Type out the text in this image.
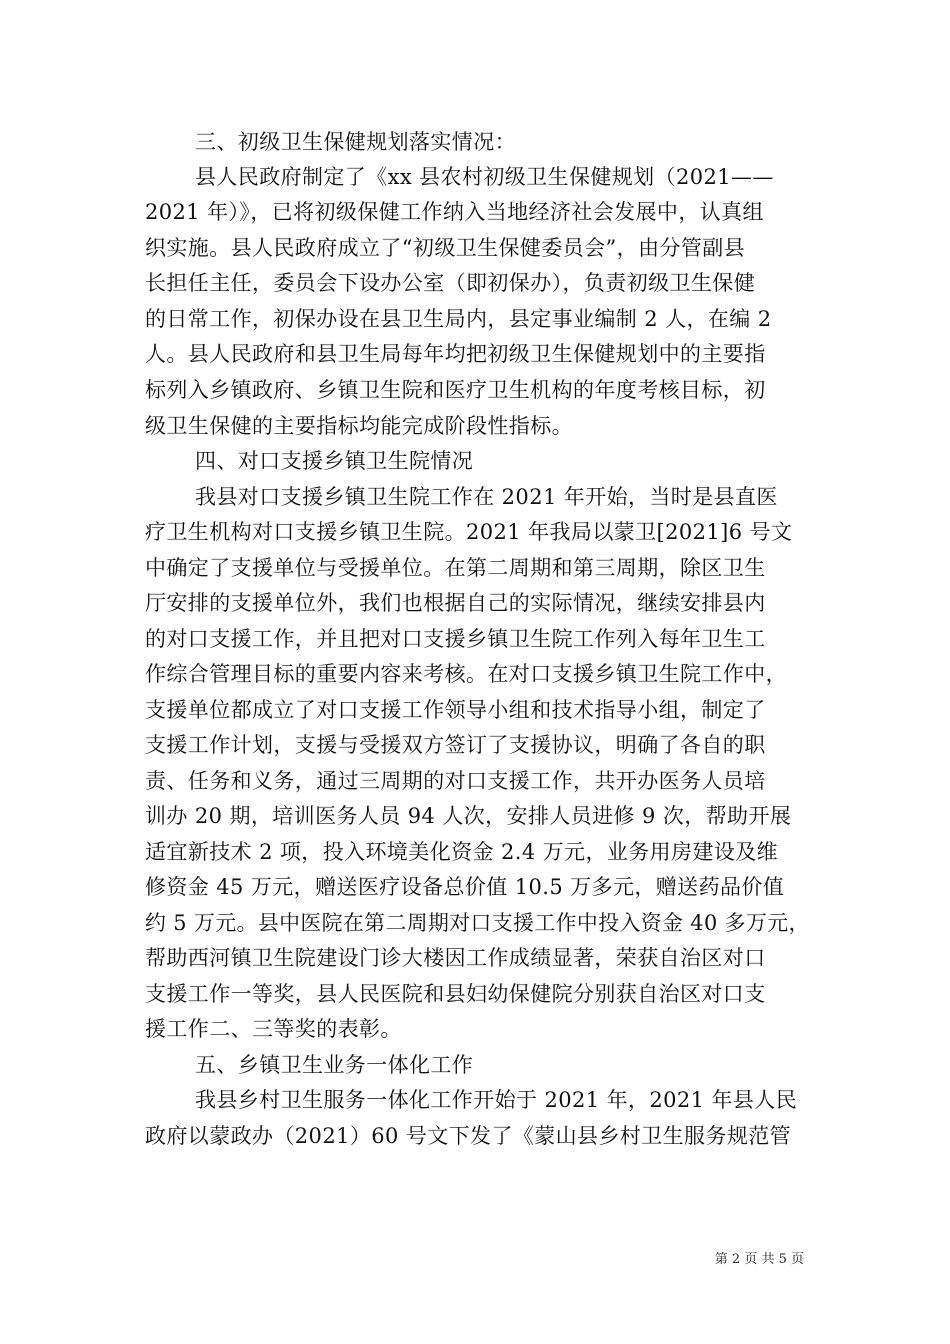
三、初级卫生保健规划落实情况：
县人民政府制定了《xx 县农村初级卫生保健规划（2021——
2021 年）》，已将初级保健工作纳入当地经济社会发展中，认真组
织实施。县人民政府成立了“初级卫生保健委员会”，由分管副县
长担任主任，委员会下设办公室（即初保办），负责初级卫生保健
的日常工作，初保办设在县卫生局内，县定事业编制 2 人，在编 2
人。县人民政府和县卫生局每年均把初级卫生保健规划中的主要指
标列入乡镇政府、乡镇卫生院和医疗卫生机构的年度考核目标，初
级卫生保健的主要指标均能完成阶段性指标。
四、对口支援乡镇卫生院情况
我县对口支援乡镇卫生院工作在 2021 年开始，当时是县直医
疗卫生机构对口支援乡镇卫生院。2021 年我局以蒙卫[2021]6 号文
中确定了支援单位与受援单位。在第二周期和第三周期，除区卫生
厅安排的支援单位外，我们也根据自己的实际情况，继续安排县内
的对口支援工作，并且把对口支援乡镇卫生院工作列入每年卫生工
作综合管理目标的重要内容来考核。在对口支援乡镇卫生院工作中，
支援单位都成立了对口支援工作领导小组和技术指导小组，制定了
支援工作计划，支援与受援双方签订了支援协议，明确了各自的职
责、任务和义务，通过三周期的对口支援工作，共开办医务人员培
训办 20 期，培训医务人员 94 人次，安排人员进修 9 次，帮助开展
适宜新技术 2 项，投入环境美化资金 2.4 万元，业务用房建设及维
修资金 45 万元，赠送医疗设备总价值 10.5 万多元，赠送药品价值
约 5 万元。县中医院在第二周期对口支援工作中投入资金 40 多万元，
帮助西河镇卫生院建设门诊大楼因工作成绩显著，荣获自治区对口
支援工作一等奖，县人民医院和县妇幼保健院分别获自治区对口支
援工作二、三等奖的表彰。
五、乡镇卫生业务一体化工作
我县乡村卫生服务一体化工作开始于 2021 年，2021 年县人民
政府以蒙政办（2021）60 号文下发了《蒙山县乡村卫生服务规范管
第 2 页 共 5 页
